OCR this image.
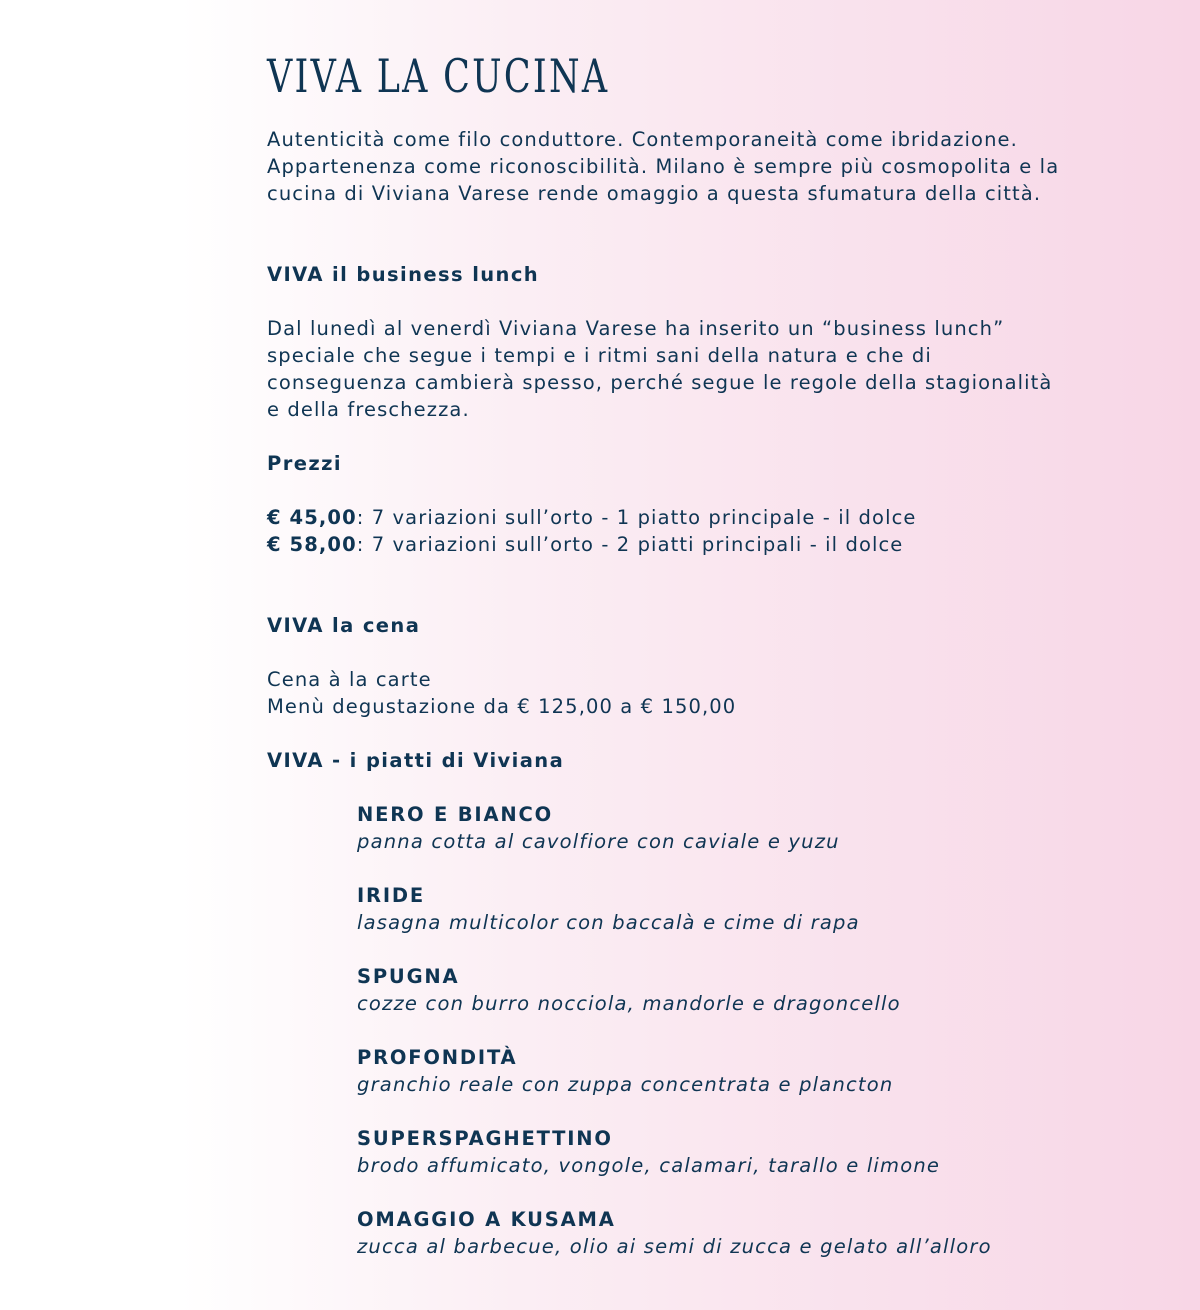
VIVA LA CUCINA

Autenticità come filo conduttore. Contemporaneità come ibridazione.

Appartenenza come riconoscibilità. Milano è sempre più cosmopolita e la

cucina di Viviana Varese rende omaggio a questa sfumatura della città.

VIVA il business lunch

Dal lunedì al venerdì Viviana Varese ha inserito un “business lunch”

speciale che segue i tempi e i ritmi sani della natura e che di

conseguenza cambierà spesso, perché segue le regole della stagionalità

e della freschezza.

Prezzi

€ 45,00: 7 variazioni sull’orto - 1 piatto principale - il dolce

€ 58,00: 7 variazioni sull’orto - 2 piatti principali - il dolce

VIVA la cena

Cena à la carte

Menù degustazione da € 125,00 a € 150,00

VIVA - i piatti di Viviana

NERO E BIANCO

panna cotta al cavolfiore con caviale e yuzu

IRIDE

lasagna multicolor con baccalà e cime di rapa

SPUGNA

cozze con burro nocciola, mandorle e dragoncello

PROFONDITÀ

granchio reale con zuppa concentrata e plancton

SUPERSPAGHETTINO

brodo affumicato, vongole, calamari, tarallo e limone

OMAGGIO A KUSAMA

zucca al barbecue, olio ai semi di zucca e gelato all’alloro
